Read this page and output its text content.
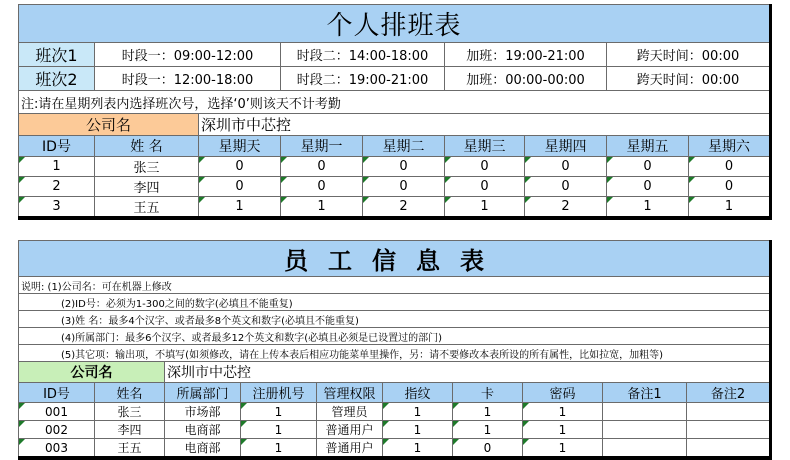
个人排班表								
班次1	时段一：09:00-12:00		时段二：14:00-18:00		加班：19:00-21:00		跨天时间：00:00	
班次2	时段一：12:00-18:00		时段二：19:00-21:00		加班：00:00-00:00		跨天时间：00:00	
注:请在星期列表内选择班次号，选择‘0’则该天不计考勤								
公司名		深圳市中芯控						
ID号	姓 名	星期天	星期一	星期二	星期三	星期四	星期五	星期六
1	张三	0	0	0	0	0	0	0
2	李四	0	0	0	0	0	0	0
3	王五	1	1	2	1	2	1	1
员工信息表									
说明: (1)公司名：可在机器上修改									
(2)ID号：必须为1-300之间的数字(必填且不能重复)									
(3)姓 名：最多4个汉字、或者最多8个英文和数字(必填且不能重复)									
(4)所属部门：最多6个汉字、或者最多12个英文和数字(必填且必须是已设置过的部门)									
(5)其它项：输出项，不填写(如须修改，请在上传本表后相应功能菜单里操作，另：请不要修改本表所设的所有属性，比如拉宽，加粗等)									
公司名		深圳市中芯控							
ID号	姓名	所属部门	注册机号	管理权限	指纹	卡	密码	备注1	备注2
001	张三	市场部	1	管理员	1	1	1		
002	李四	电商部	1	普通用户	1	1	1		
003	王五	电商部	1	普通用户	1	0	1		
